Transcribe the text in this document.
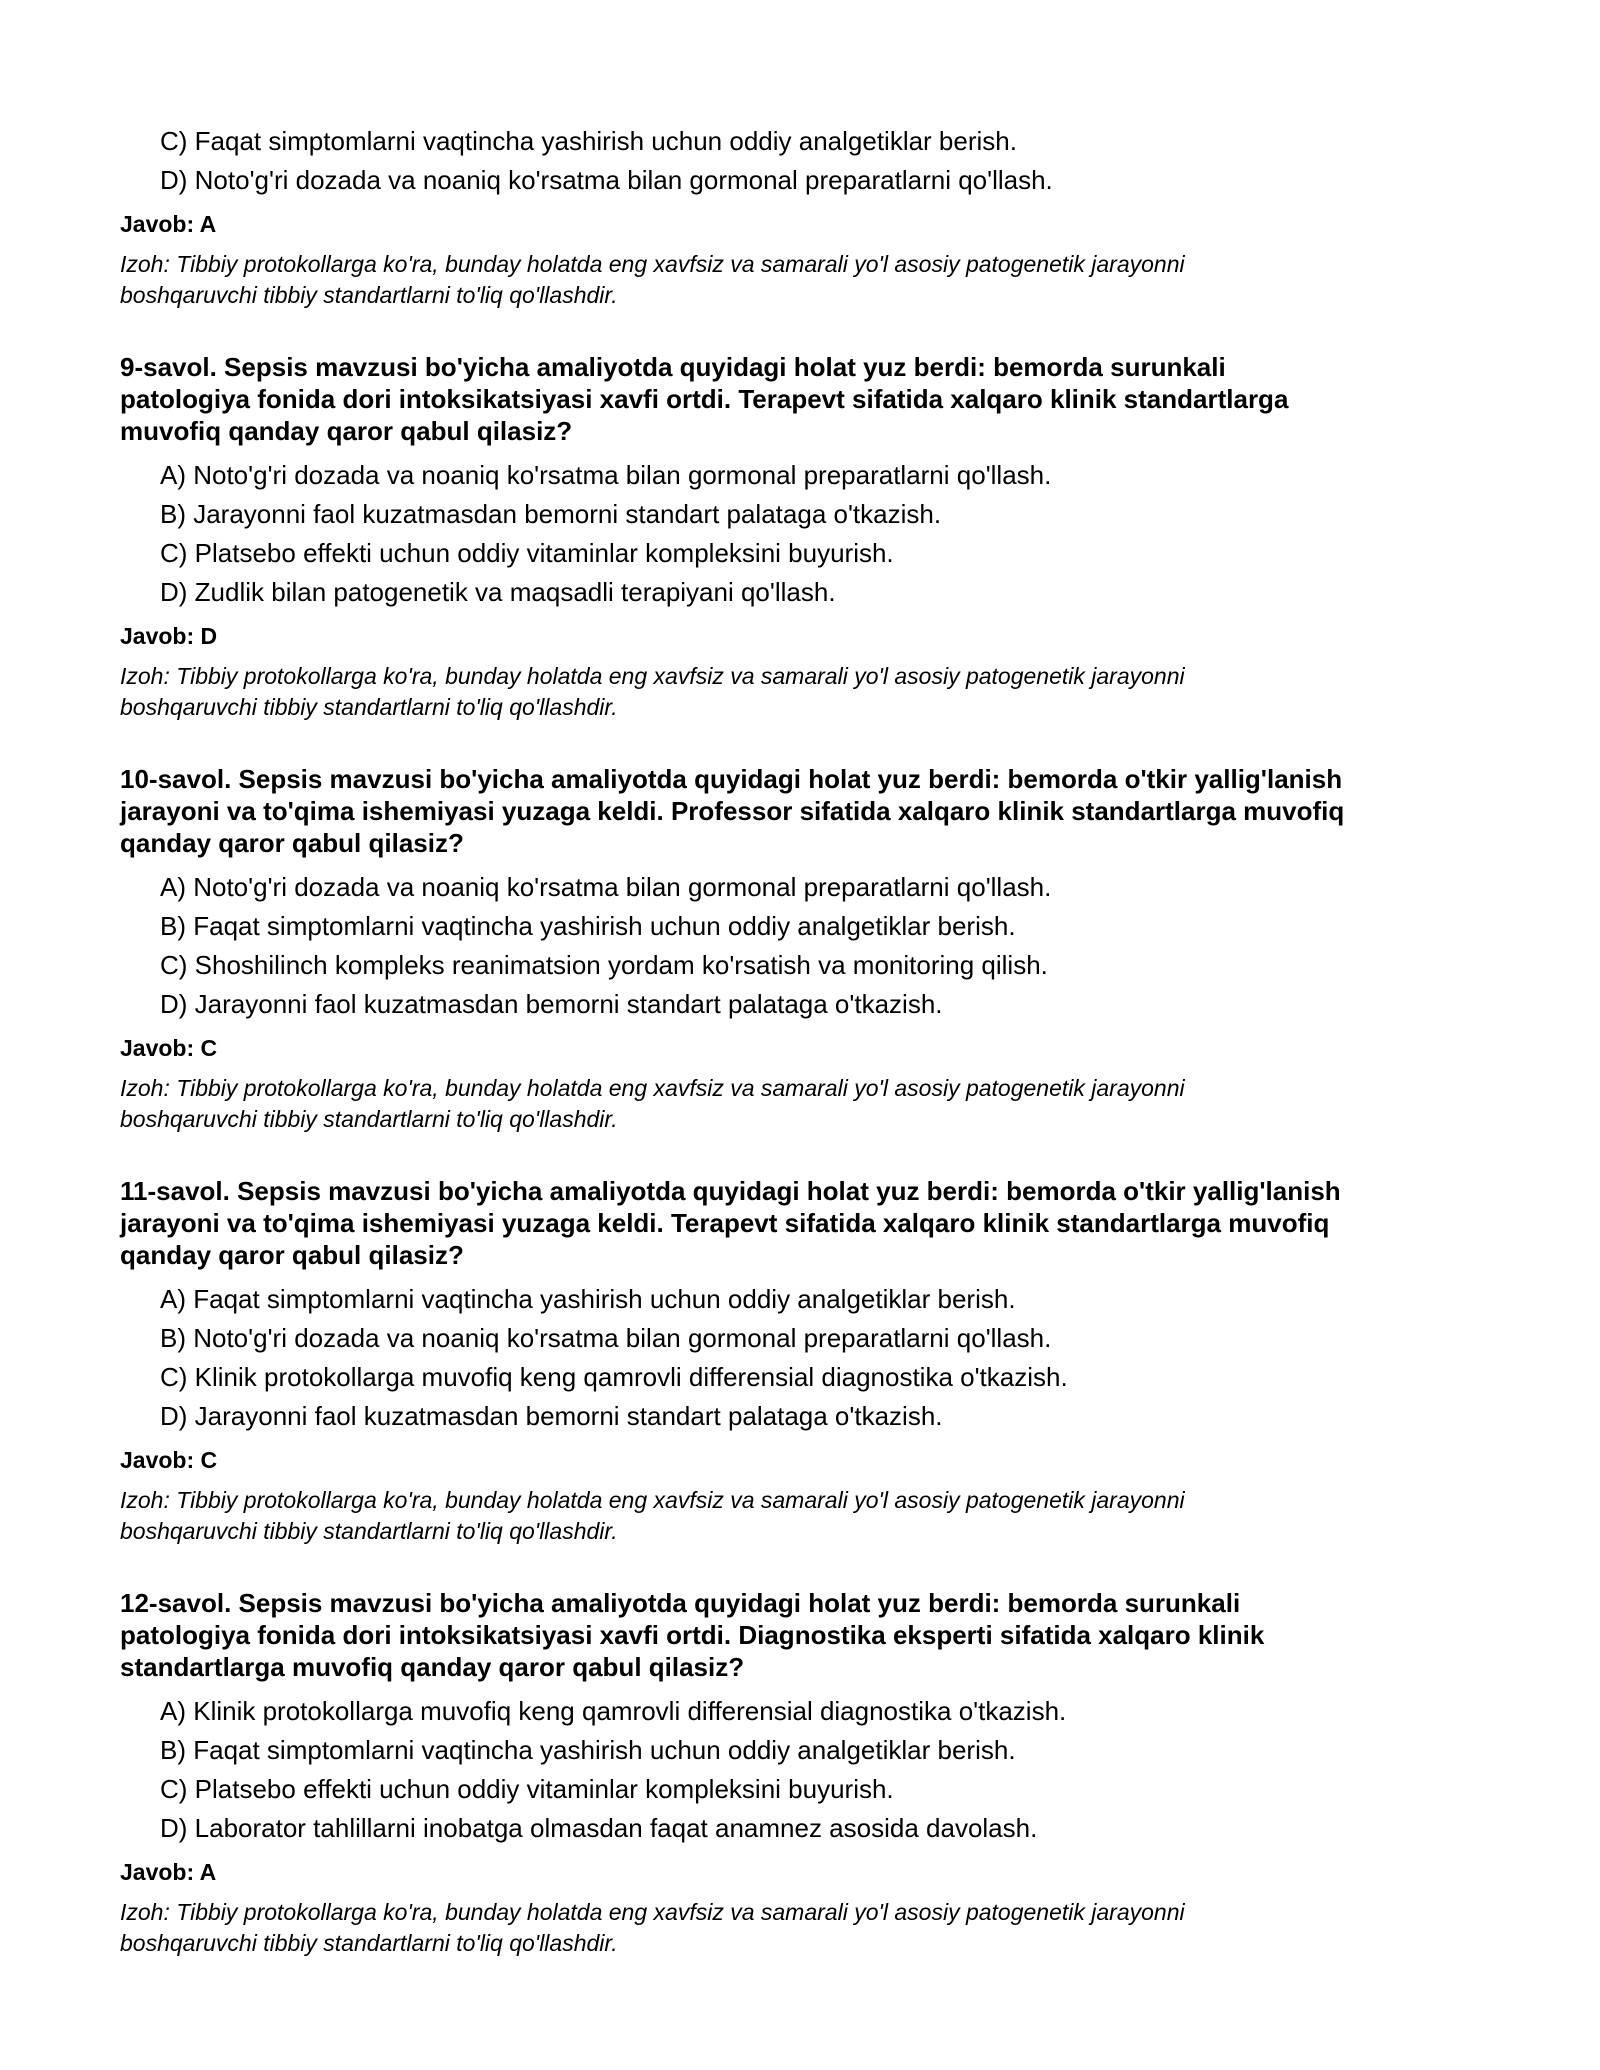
C) Faqat simptomlarni vaqtincha yashirish uchun oddiy analgetiklar berish.
D) Noto'g'ri dozada va noaniq ko'rsatma bilan gormonal preparatlarni qo'llash.
Javob: A
Izoh: Tibbiy protokollarga ko'ra, bunday holatda eng xavfsiz va samarali yo'l asosiy patogenetik jarayonni
boshqaruvchi tibbiy standartlarni to'liq qo'llashdir.
9-savol. Sepsis mavzusi bo'yicha amaliyotda quyidagi holat yuz berdi: bemorda surunkali
patologiya fonida dori intoksikatsiyasi xavfi ortdi. Terapevt sifatida xalqaro klinik standartlarga
muvofiq qanday qaror qabul qilasiz?
A) Noto'g'ri dozada va noaniq ko'rsatma bilan gormonal preparatlarni qo'llash.
B) Jarayonni faol kuzatmasdan bemorni standart palataga o'tkazish.
C) Platsebo effekti uchun oddiy vitaminlar kompleksini buyurish.
D) Zudlik bilan patogenetik va maqsadli terapiyani qo'llash.
Javob: D
Izoh: Tibbiy protokollarga ko'ra, bunday holatda eng xavfsiz va samarali yo'l asosiy patogenetik jarayonni
boshqaruvchi tibbiy standartlarni to'liq qo'llashdir.
10-savol. Sepsis mavzusi bo'yicha amaliyotda quyidagi holat yuz berdi: bemorda o'tkir yallig'lanish
jarayoni va to'qima ishemiyasi yuzaga keldi. Professor sifatida xalqaro klinik standartlarga muvofiq
qanday qaror qabul qilasiz?
A) Noto'g'ri dozada va noaniq ko'rsatma bilan gormonal preparatlarni qo'llash.
B) Faqat simptomlarni vaqtincha yashirish uchun oddiy analgetiklar berish.
C) Shoshilinch kompleks reanimatsion yordam ko'rsatish va monitoring qilish.
D) Jarayonni faol kuzatmasdan bemorni standart palataga o'tkazish.
Javob: C
Izoh: Tibbiy protokollarga ko'ra, bunday holatda eng xavfsiz va samarali yo'l asosiy patogenetik jarayonni
boshqaruvchi tibbiy standartlarni to'liq qo'llashdir.
11-savol. Sepsis mavzusi bo'yicha amaliyotda quyidagi holat yuz berdi: bemorda o'tkir yallig'lanish
jarayoni va to'qima ishemiyasi yuzaga keldi. Terapevt sifatida xalqaro klinik standartlarga muvofiq
qanday qaror qabul qilasiz?
A) Faqat simptomlarni vaqtincha yashirish uchun oddiy analgetiklar berish.
B) Noto'g'ri dozada va noaniq ko'rsatma bilan gormonal preparatlarni qo'llash.
C) Klinik protokollarga muvofiq keng qamrovli differensial diagnostika o'tkazish.
D) Jarayonni faol kuzatmasdan bemorni standart palataga o'tkazish.
Javob: C
Izoh: Tibbiy protokollarga ko'ra, bunday holatda eng xavfsiz va samarali yo'l asosiy patogenetik jarayonni
boshqaruvchi tibbiy standartlarni to'liq qo'llashdir.
12-savol. Sepsis mavzusi bo'yicha amaliyotda quyidagi holat yuz berdi: bemorda surunkali
patologiya fonida dori intoksikatsiyasi xavfi ortdi. Diagnostika eksperti sifatida xalqaro klinik
standartlarga muvofiq qanday qaror qabul qilasiz?
A) Klinik protokollarga muvofiq keng qamrovli differensial diagnostika o'tkazish.
B) Faqat simptomlarni vaqtincha yashirish uchun oddiy analgetiklar berish.
C) Platsebo effekti uchun oddiy vitaminlar kompleksini buyurish.
D) Laborator tahlillarni inobatga olmasdan faqat anamnez asosida davolash.
Javob: A
Izoh: Tibbiy protokollarga ko'ra, bunday holatda eng xavfsiz va samarali yo'l asosiy patogenetik jarayonni
boshqaruvchi tibbiy standartlarni to'liq qo'llashdir.
